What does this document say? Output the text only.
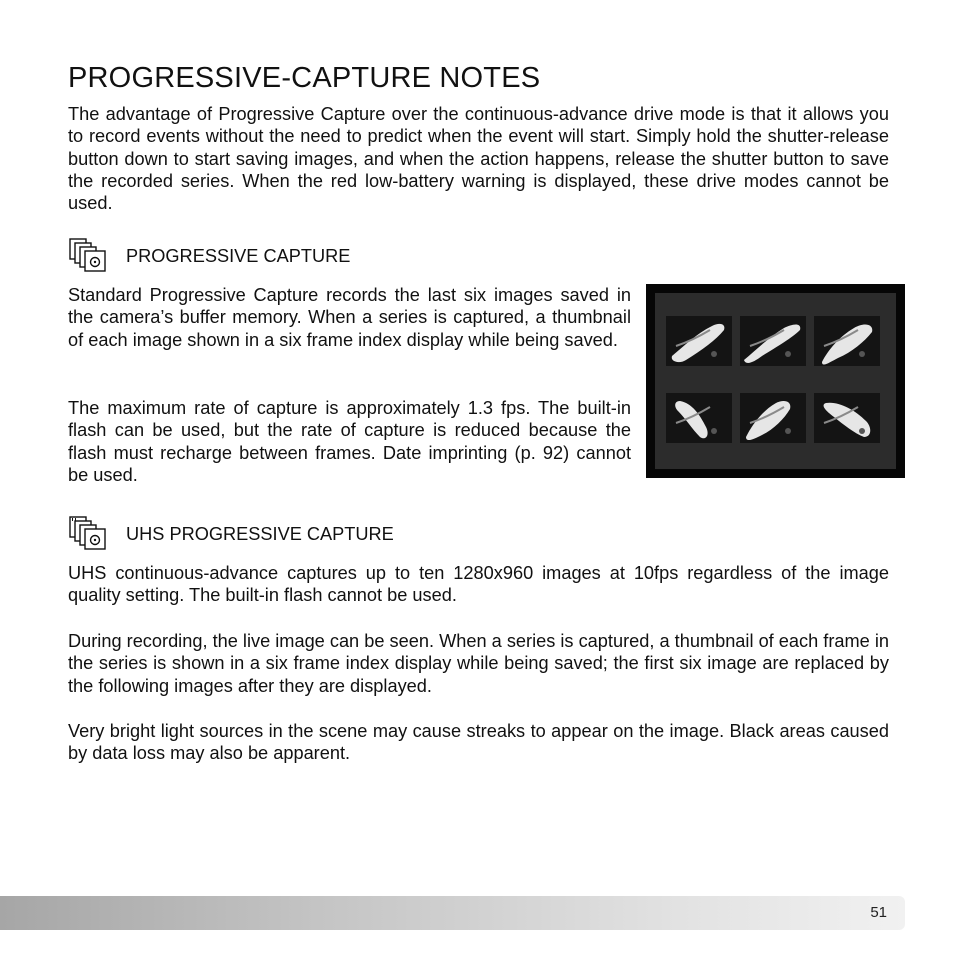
PROGRESSIVE-CAPTURE NOTES

The advantage of Progressive Capture over the continuous-advance drive mode is that it allows you to record events without the need to predict when the event will start. Simply hold the shutter-release button down to start saving images, and when the action happens, release the shutter button to save the recorded series. When the red low-battery warning is displayed, these drive modes cannot be used.

PROGRESSIVE CAPTURE

Standard Progressive Capture records the last six images saved in the camera’s buffer memory. When a series is captured, a thumbnail of each image shown in a six frame index display while being saved.

The maximum rate of capture is approximately 1.3 fps. The built-in flash can be used, but the rate of capture is reduced because the flash must recharge between frames. Date imprinting (p. 92) cannot be used.

UHS PROGRESSIVE CAPTURE

UHS continuous-advance captures up to ten 1280x960 images at 10fps regardless of the image quality setting. The built-in flash cannot be used.

During recording, the live image can be seen. When a series is captured, a thumbnail of each frame in the series is shown in a six frame index display while being saved; the first six image are replaced by the following images after they are displayed.

Very bright light sources in the scene may cause streaks to appear on the image. Black areas caused by data loss may also be apparent.

51
